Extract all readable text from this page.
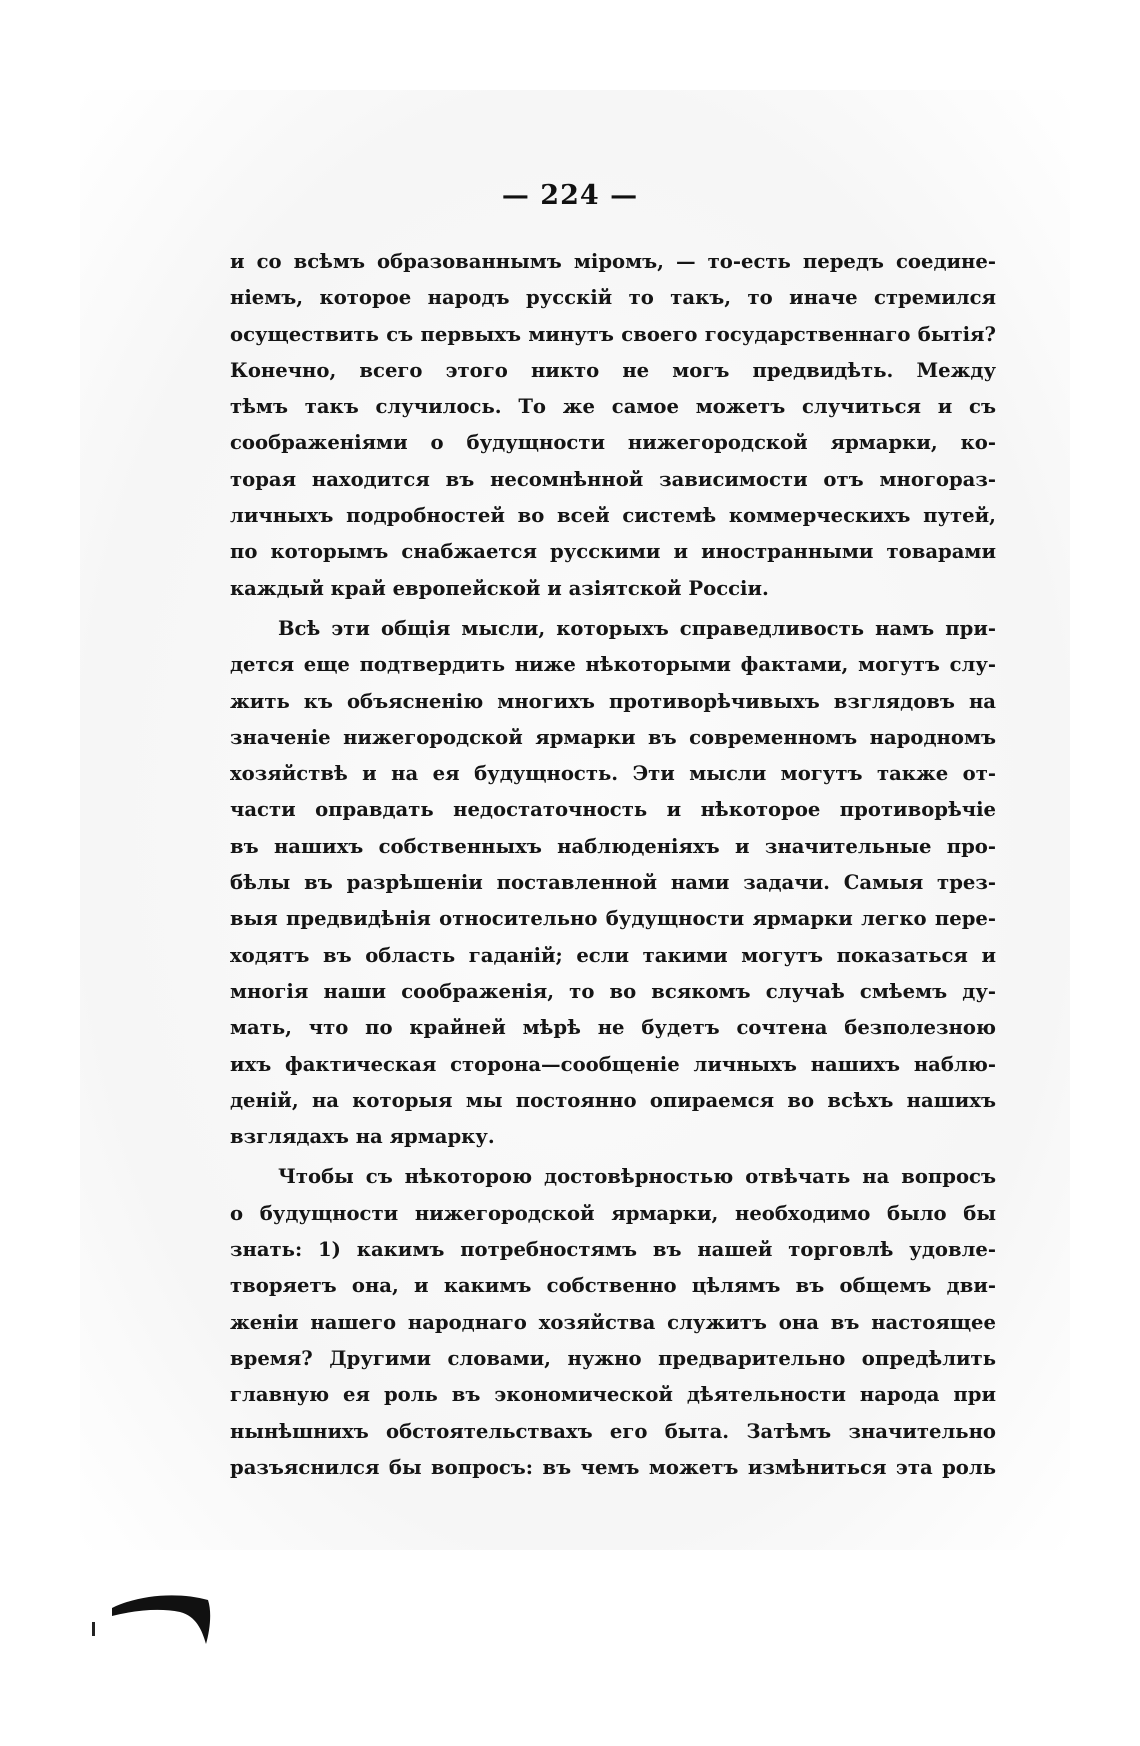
— 224 —
и со всѣмъ образованнымъ міромъ, — то-есть передъ соедине-
ніемъ, которое народъ русскій то такъ, то иначе стремился
осуществить съ первыхъ минутъ своего государственнаго бытія?
Конечно, всего этого никто не могъ предвидѣть. Между
тѣмъ такъ случилось. То же самое можетъ случиться и съ
соображеніями о будущности нижегородской ярмарки, ко-
торая находится въ несомнѣнной зависимости отъ многораз-
личныхъ подробностей во всей системѣ коммерческихъ путей,
по которымъ снабжается русскими и иностранными товарами
каждый край европейской и азіятской Россіи.
Всѣ эти общія мысли, которыхъ справедливость намъ при-
дется еще подтвердить ниже нѣкоторыми фактами, могутъ слу-
жить къ объясненію многихъ противорѣчивыхъ взглядовъ на
значеніе нижегородской ярмарки въ современномъ народномъ
хозяйствѣ и на ея будущность. Эти мысли могутъ также от-
части оправдать недостаточность и нѣкоторое противорѣчіе
въ нашихъ собственныхъ наблюденіяхъ и значительные про-
бѣлы въ разрѣшеніи поставленной нами задачи. Самыя трез-
выя предвидѣнія относительно будущности ярмарки легко пере-
ходятъ въ область гаданій; если такими могутъ показаться и
многія наши соображенія, то во всякомъ случаѣ смѣемъ ду-
мать, что по крайней мѣрѣ не будетъ сочтена безполезною
ихъ фактическая сторона—сообщеніе личныхъ нашихъ наблю-
деній, на которыя мы постоянно опираемся во всѣхъ нашихъ
взглядахъ на ярмарку.
Чтобы съ нѣкоторою достовѣрностью отвѣчать на вопросъ
о будущности нижегородской ярмарки, необходимо было бы
знать: 1) какимъ потребностямъ въ нашей торговлѣ удовле-
творяетъ она, и какимъ собственно цѣлямъ въ общемъ дви-
женіи нашего народнаго хозяйства служитъ она въ настоящее
время? Другими словами, нужно предварительно опредѣлить
главную ея роль въ экономической дѣятельности народа при
нынѣшнихъ обстоятельствахъ его быта. Затѣмъ значительно
разъяснился бы вопросъ: въ чемъ можетъ измѣниться эта роль
